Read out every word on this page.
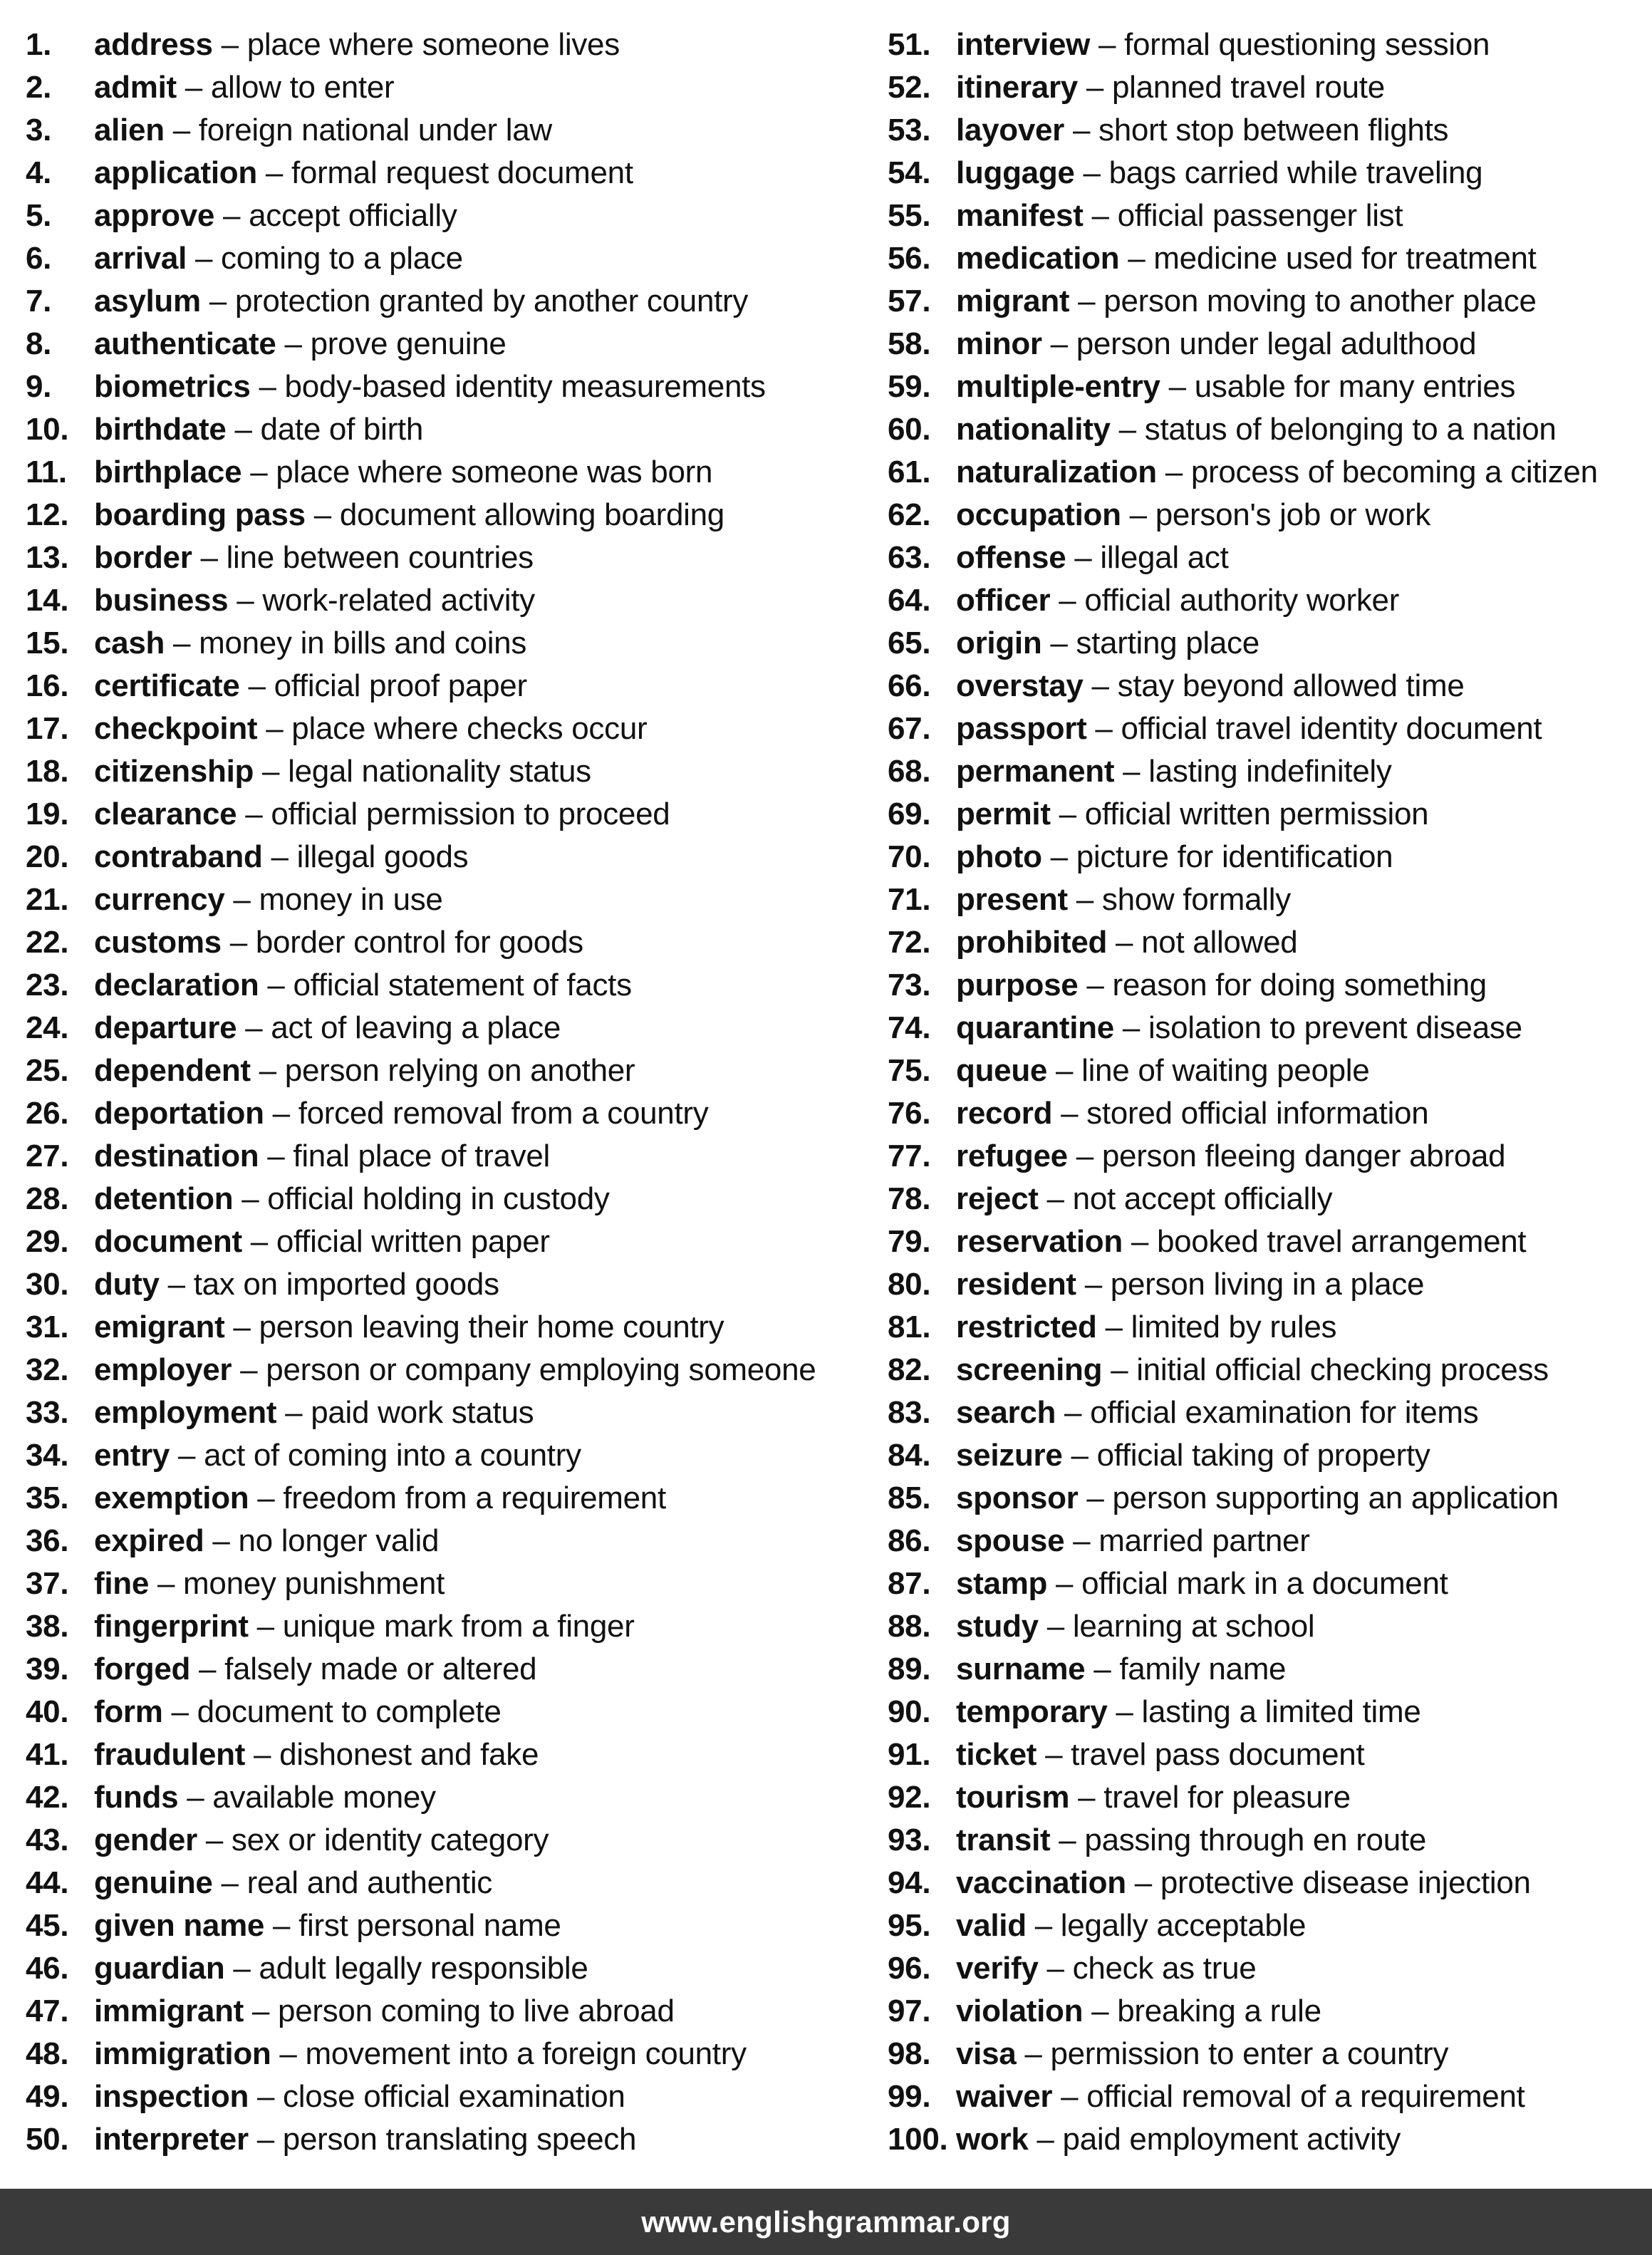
1. address – place where someone lives
2. admit – allow to enter
3. alien – foreign national under law
4. application – formal request document
5. approve – accept officially
6. arrival – coming to a place
7. asylum – protection granted by another country
8. authenticate – prove genuine
9. biometrics – body-based identity measurements
10. birthdate – date of birth
11. birthplace – place where someone was born
12. boarding pass – document allowing boarding
13. border – line between countries
14. business – work-related activity
15. cash – money in bills and coins
16. certificate – official proof paper
17. checkpoint – place where checks occur
18. citizenship – legal nationality status
19. clearance – official permission to proceed
20. contraband – illegal goods
21. currency – money in use
22. customs – border control for goods
23. declaration – official statement of facts
24. departure – act of leaving a place
25. dependent – person relying on another
26. deportation – forced removal from a country
27. destination – final place of travel
28. detention – official holding in custody
29. document – official written paper
30. duty – tax on imported goods
31. emigrant – person leaving their home country
32. employer – person or company employing someone
33. employment – paid work status
34. entry – act of coming into a country
35. exemption – freedom from a requirement
36. expired – no longer valid
37. fine – money punishment
38. fingerprint – unique mark from a finger
39. forged – falsely made or altered
40. form – document to complete
41. fraudulent – dishonest and fake
42. funds – available money
43. gender – sex or identity category
44. genuine – real and authentic
45. given name – first personal name
46. guardian – adult legally responsible
47. immigrant – person coming to live abroad
48. immigration – movement into a foreign country
49. inspection – close official examination
50. interpreter – person translating speech
51. interview – formal questioning session
52. itinerary – planned travel route
53. layover – short stop between flights
54. luggage – bags carried while traveling
55. manifest – official passenger list
56. medication – medicine used for treatment
57. migrant – person moving to another place
58. minor – person under legal adulthood
59. multiple-entry – usable for many entries
60. nationality – status of belonging to a nation
61. naturalization – process of becoming a citizen
62. occupation – person's job or work
63. offense – illegal act
64. officer – official authority worker
65. origin – starting place
66. overstay – stay beyond allowed time
67. passport – official travel identity document
68. permanent – lasting indefinitely
69. permit – official written permission
70. photo – picture for identification
71. present – show formally
72. prohibited – not allowed
73. purpose – reason for doing something
74. quarantine – isolation to prevent disease
75. queue – line of waiting people
76. record – stored official information
77. refugee – person fleeing danger abroad
78. reject – not accept officially
79. reservation – booked travel arrangement
80. resident – person living in a place
81. restricted – limited by rules
82. screening – initial official checking process
83. search – official examination for items
84. seizure – official taking of property
85. sponsor – person supporting an application
86. spouse – married partner
87. stamp – official mark in a document
88. study – learning at school
89. surname – family name
90. temporary – lasting a limited time
91. ticket – travel pass document
92. tourism – travel for pleasure
93. transit – passing through en route
94. vaccination – protective disease injection
95. valid – legally acceptable
96. verify – check as true
97. violation – breaking a rule
98. visa – permission to enter a country
99. waiver – official removal of a requirement
100. work – paid employment activity
www.englishgrammar.org
